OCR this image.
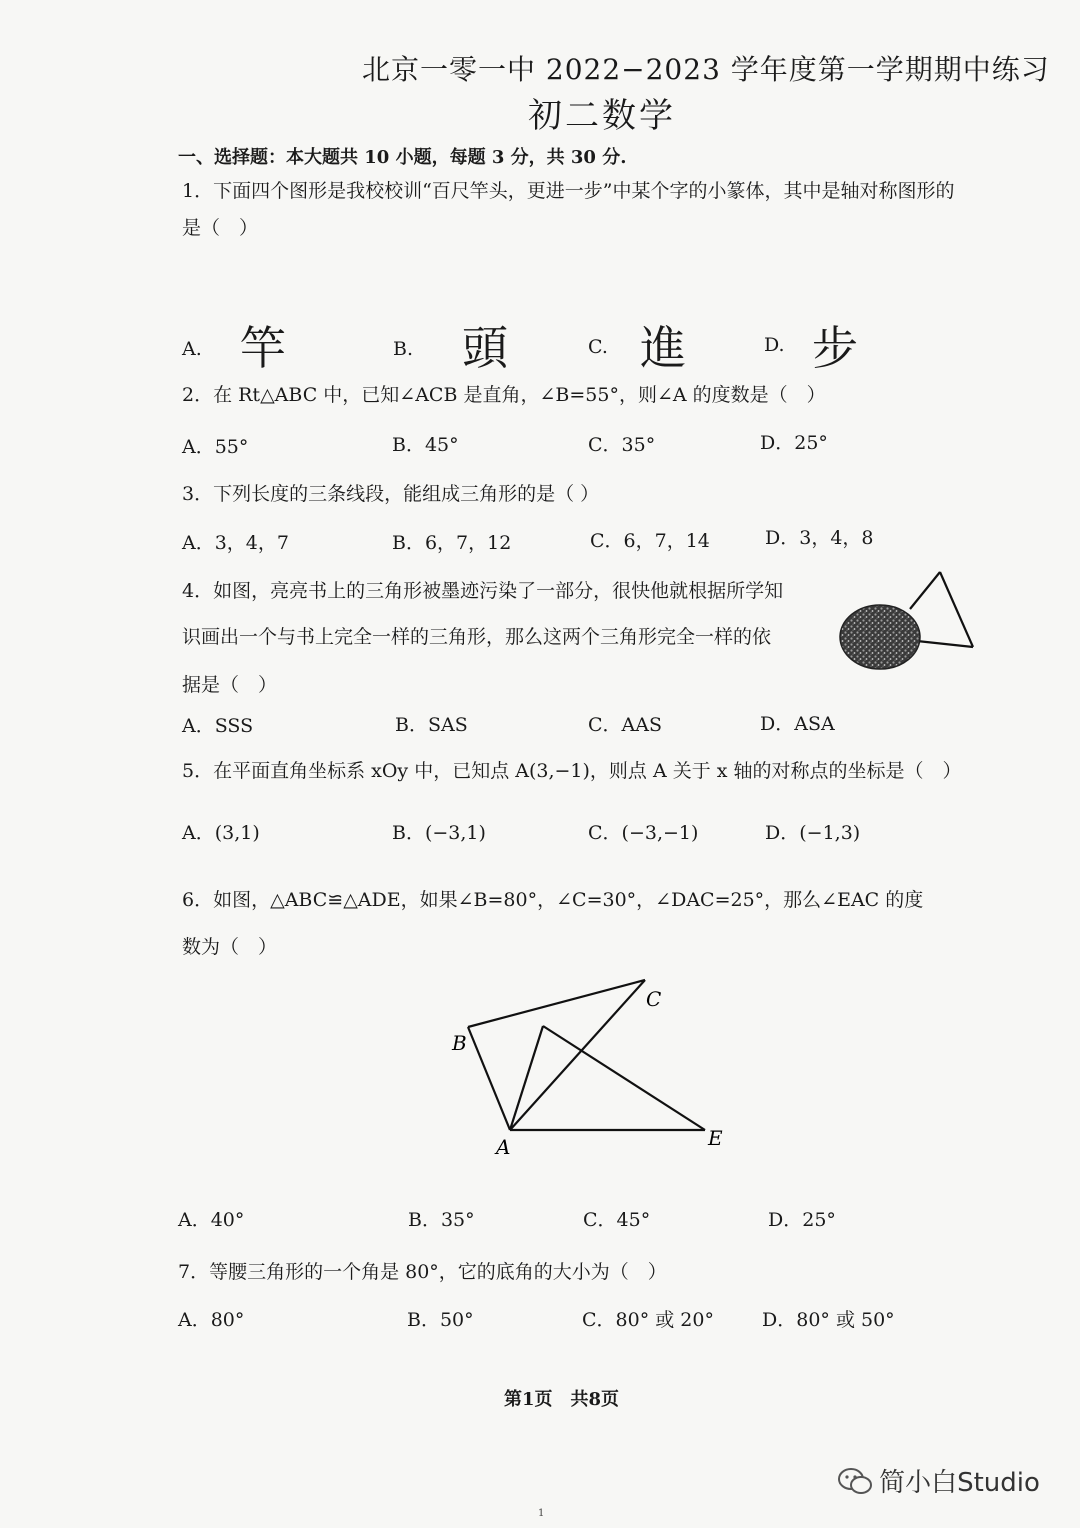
北京一零一中 2022−2023 学年度第一学期期中练习
初二数学
一、选择题：本大题共 10 小题，每题 3 分，共 30 分.
1．下面四个图形是我校校训“百尺竿头，更进一步”中某个字的小篆体，其中是轴对称图形的
是（　）
A. 竿	B. 頭	C. 進	D. 步
2．在 Rt△ABC 中，已知∠ACB 是直角，∠B=55°，则∠A 的度数是（　）
A．55°	B．45°	C．35°	D．25°
3．下列长度的三条线段，能组成三角形的是（ ）
A．3，4，7	B．6，7，12	C．6，7，14	D．3，4，8
4．如图，亮亮书上的三角形被墨迹污染了一部分，很快他就根据所学知
识画出一个与书上完全一样的三角形，那么这两个三角形完全一样的依
据是（　）
A．SSS	B．SAS	C．AAS	D．ASA
5．在平面直角坐标系 xOy 中，已知点 A(3,−1)，则点 A 关于 x 轴的对称点的坐标是（　）
A．(3,1)	B．(−3,1)	C．(−3,−1)	D．(−1,3)
6．如图，△ABC≌△ADE，如果∠B=80°，∠C=30°，∠DAC=25°，那么∠EAC 的度
数为（　）
A
B
C
E
A．40°	B．35°	C．45°	D．25°
7．等腰三角形的一个角是 80°，它的底角的大小为（　）
A．80°	B．50°	C．80° 或 20°	D．80° 或 50°
第1页　共8页
简小白Studio
1
